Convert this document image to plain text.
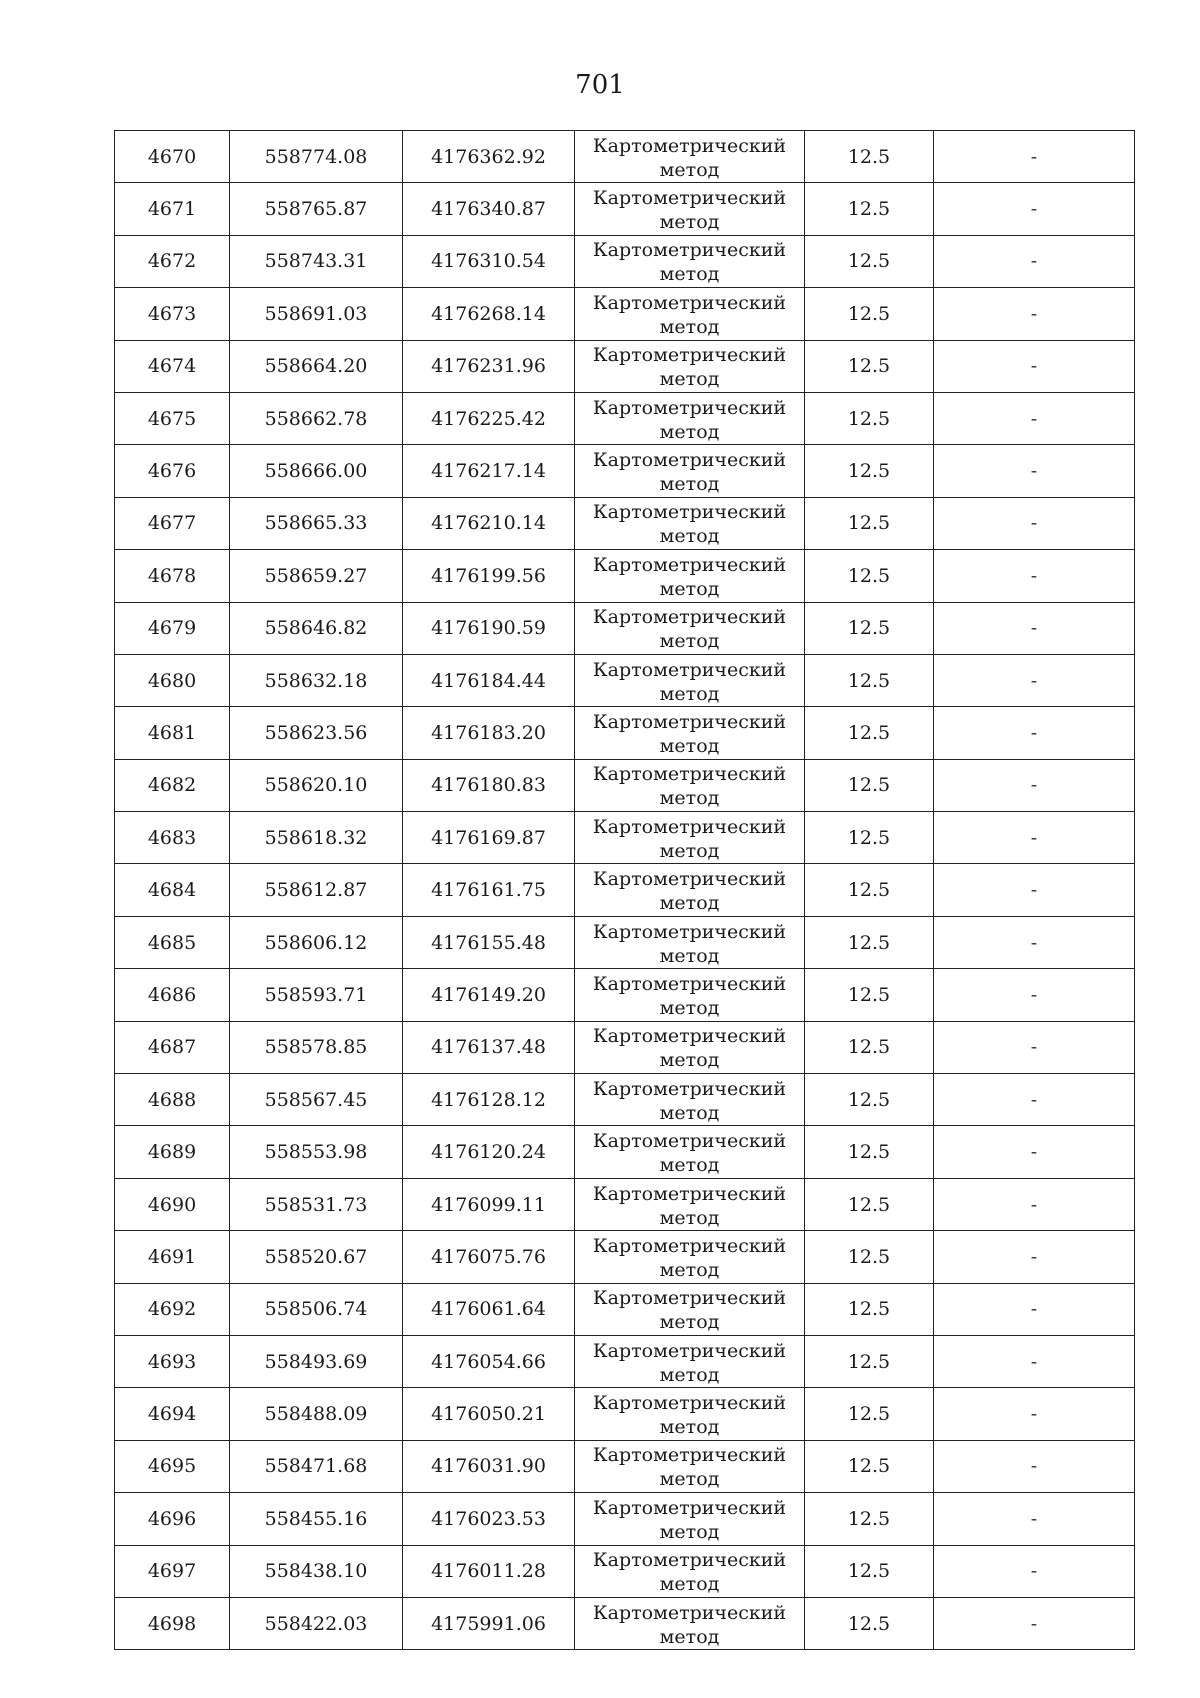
701
4670	558774.08	4176362.92	Картометрический
метод	12.5	-
4671	558765.87	4176340.87	Картометрический
метод	12.5	-
4672	558743.31	4176310.54	Картометрический
метод	12.5	-
4673	558691.03	4176268.14	Картометрический
метод	12.5	-
4674	558664.20	4176231.96	Картометрический
метод	12.5	-
4675	558662.78	4176225.42	Картометрический
метод	12.5	-
4676	558666.00	4176217.14	Картометрический
метод	12.5	-
4677	558665.33	4176210.14	Картометрический
метод	12.5	-
4678	558659.27	4176199.56	Картометрический
метод	12.5	-
4679	558646.82	4176190.59	Картометрический
метод	12.5	-
4680	558632.18	4176184.44	Картометрический
метод	12.5	-
4681	558623.56	4176183.20	Картометрический
метод	12.5	-
4682	558620.10	4176180.83	Картометрический
метод	12.5	-
4683	558618.32	4176169.87	Картометрический
метод	12.5	-
4684	558612.87	4176161.75	Картометрический
метод	12.5	-
4685	558606.12	4176155.48	Картометрический
метод	12.5	-
4686	558593.71	4176149.20	Картометрический
метод	12.5	-
4687	558578.85	4176137.48	Картометрический
метод	12.5	-
4688	558567.45	4176128.12	Картометрический
метод	12.5	-
4689	558553.98	4176120.24	Картометрический
метод	12.5	-
4690	558531.73	4176099.11	Картометрический
метод	12.5	-
4691	558520.67	4176075.76	Картометрический
метод	12.5	-
4692	558506.74	4176061.64	Картометрический
метод	12.5	-
4693	558493.69	4176054.66	Картометрический
метод	12.5	-
4694	558488.09	4176050.21	Картометрический
метод	12.5	-
4695	558471.68	4176031.90	Картометрический
метод	12.5	-
4696	558455.16	4176023.53	Картометрический
метод	12.5	-
4697	558438.10	4176011.28	Картометрический
метод	12.5	-
4698	558422.03	4175991.06	Картометрический
метод	12.5	-
